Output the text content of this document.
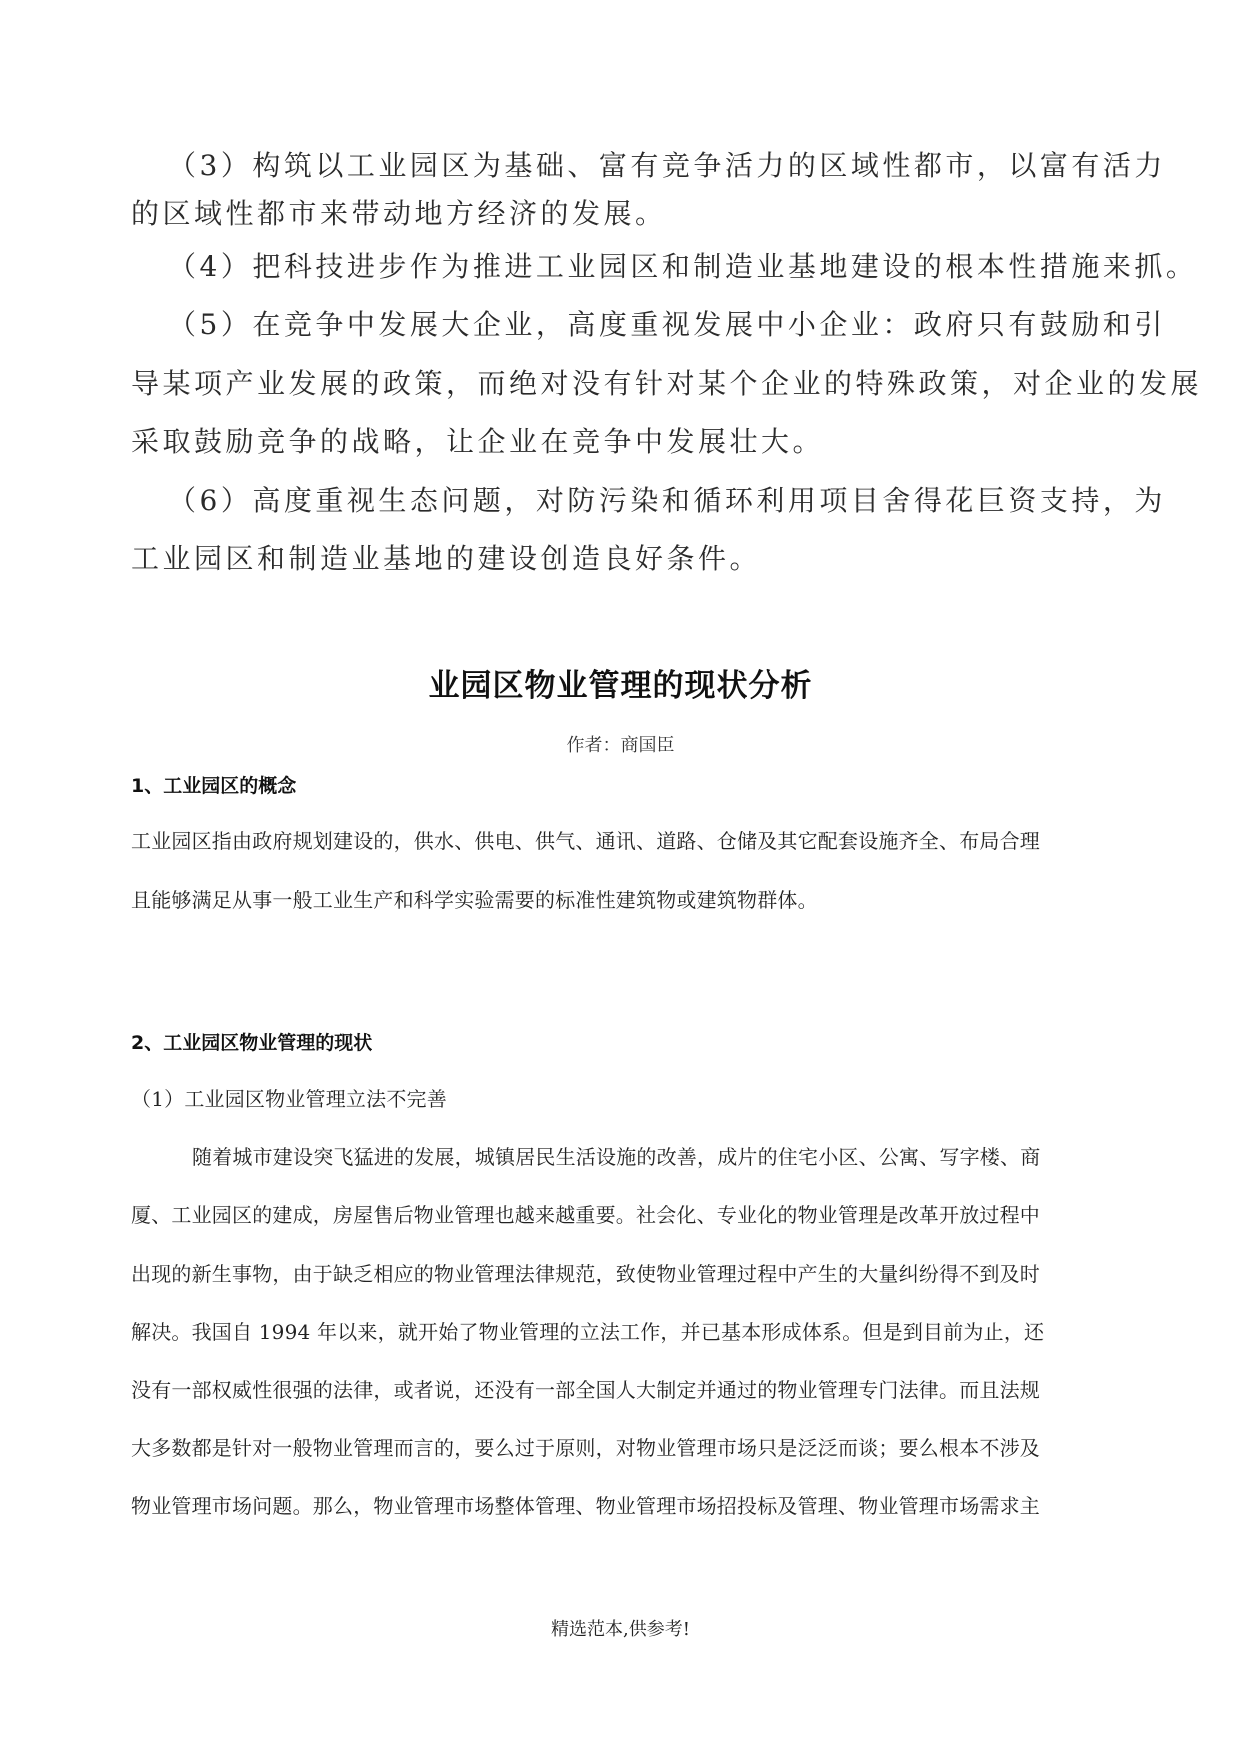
（3）构筑以工业园区为基础、富有竞争活力的区域性都市，以富有活力
的区域性都市来带动地方经济的发展。
（4）把科技进步作为推进工业园区和制造业基地建设的根本性措施来抓。
（5）在竞争中发展大企业，高度重视发展中小企业：政府只有鼓励和引
导某项产业发展的政策，而绝对没有针对某个企业的特殊政策，对企业的发展
采取鼓励竞争的战略，让企业在竞争中发展壮大。
（6）高度重视生态问题，对防污染和循环利用项目舍得花巨资支持，为
工业园区和制造业基地的建设创造良好条件。
业园区物业管理的现状分析
作者：商国臣
1、工业园区的概念
工业园区指由政府规划建设的，供水、供电、供气、通讯、道路、仓储及其它配套设施齐全、布局合理
且能够满足从事一般工业生产和科学实验需要的标准性建筑物或建筑物群体。
2、工业园区物业管理的现状
（1）工业园区物业管理立法不完善
随着城市建设突飞猛进的发展，城镇居民生活设施的改善，成片的住宅小区、公寓、写字楼、商
厦、工业园区的建成，房屋售后物业管理也越来越重要。社会化、专业化的物业管理是改革开放过程中
出现的新生事物，由于缺乏相应的物业管理法律规范，致使物业管理过程中产生的大量纠纷得不到及时
解决。我国自 1994 年以来，就开始了物业管理的立法工作，并已基本形成体系。但是到目前为止，还
没有一部权威性很强的法律，或者说，还没有一部全国人大制定并通过的物业管理专门法律。而且法规
大多数都是针对一般物业管理而言的，要么过于原则，对物业管理市场只是泛泛而谈；要么根本不涉及
物业管理市场问题。那么，物业管理市场整体管理、物业管理市场招投标及管理、物业管理市场需求主
精选范本,供参考!
